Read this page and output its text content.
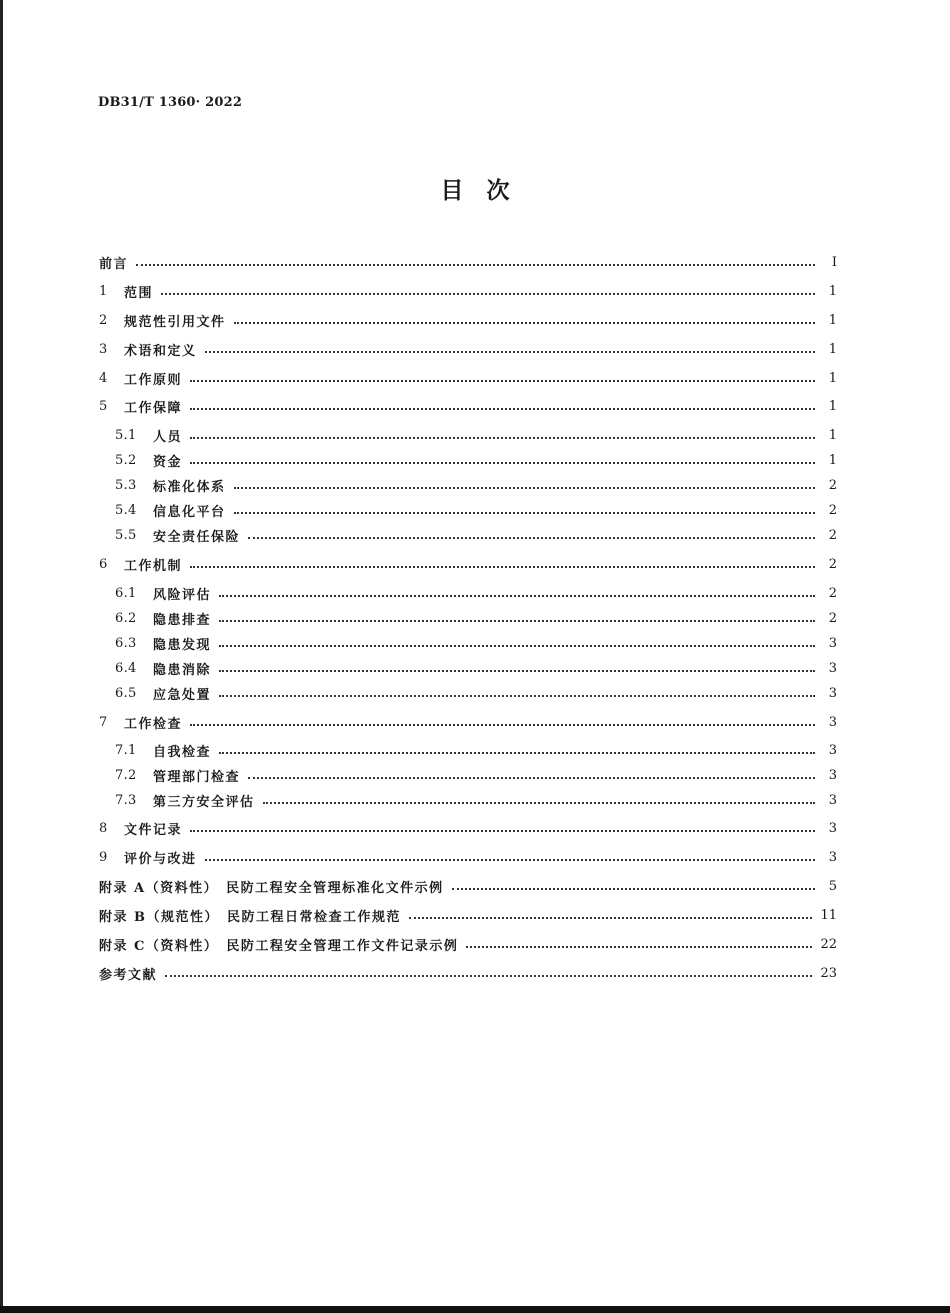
DB31/T 1360· 2022
目　次
前言	I
1	范围	1
2	规范性引用文件	1
3	术语和定义	1
4	工作原则	1
5	工作保障	1
5.1	人员	1
5.2	资金	1
5.3	标准化体系	2
5.4	信息化平台	2
5.5	安全责任保险	2
6	工作机制	2
6.1	风险评估	2
6.2	隐患排查	2
6.3	隐患发现	3
6.4	隐患消除	3
6.5	应急处置	3
7	工作检查	3
7.1	自我检查	3
7.2	管理部门检查	3
7.3	第三方安全评估	3
8	文件记录	3
9	评价与改进	3
附录 A（资料性）　民防工程安全管理标准化文件示例	5
附录 B（规范性）　民防工程日常检查工作规范	11
附录 C（资料性）　民防工程安全管理工作文件记录示例	22
参考文献	23
